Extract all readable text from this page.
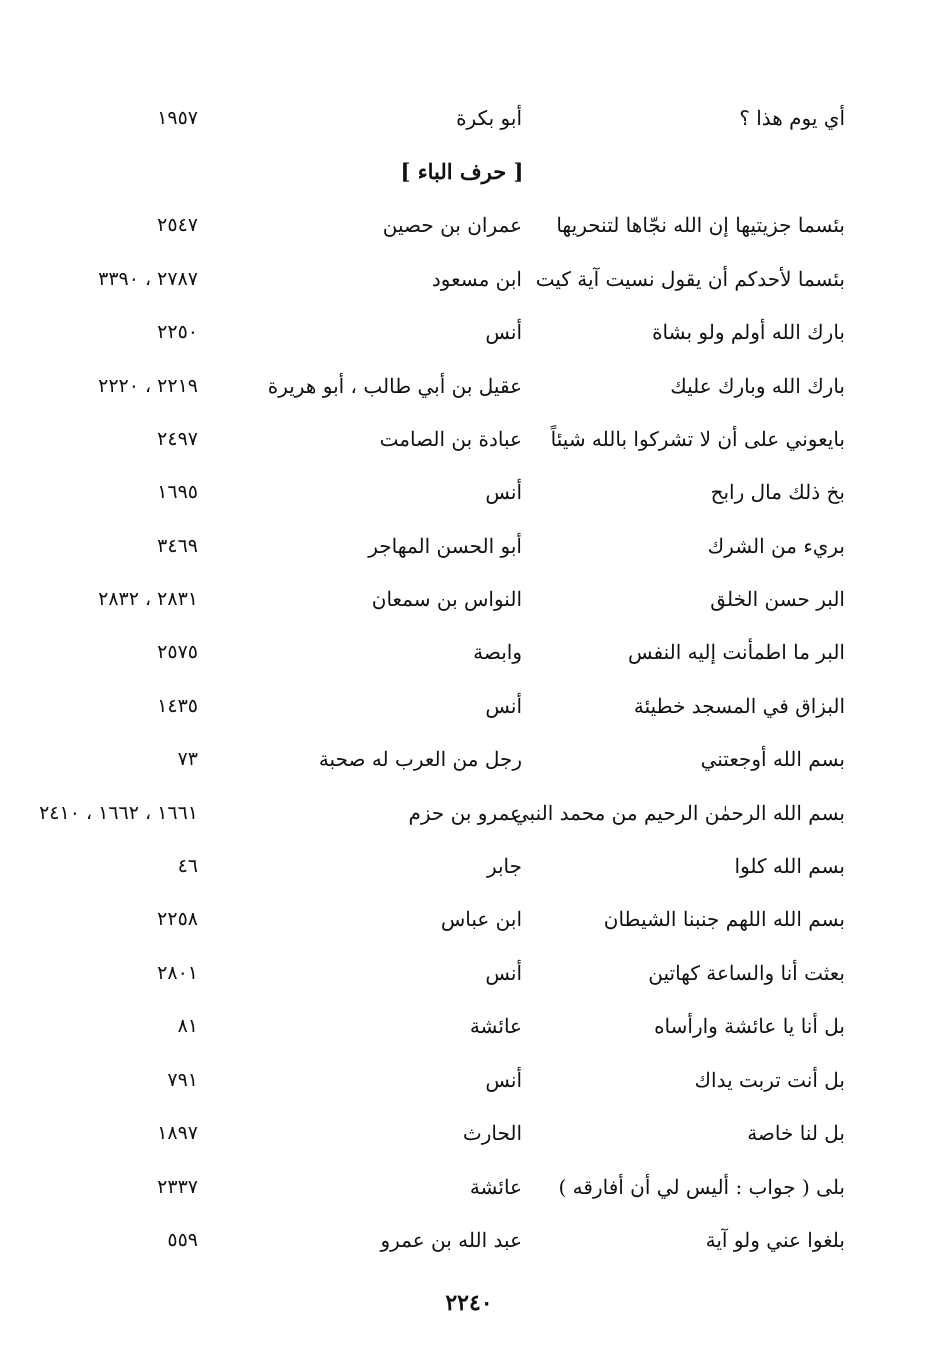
أي يوم هذا ؟
أبو بكرة
١٩٥٧
[ حرف الباء ]
بئسما جزيتيها إن الله نجّاها لتنحريها
عمران بن حصين
٢٥٤٧
بئسما لأحدكم أن يقول نسيت آية كيت
ابن مسعود
٢٧٨٧ ، ٣٣٩٠
بارك الله أولم ولو بشاة
أنس
٢٢٥٠
بارك الله وبارك عليك
عقيل بن أبي طالب ، أبو هريرة
٢٢١٩ ، ٢٢٢٠
بايعوني على أن لا تشركوا بالله شيئاً
عبادة بن الصامت
٢٤٩٧
بخ ذلك مال رابح
أنس
١٦٩٥
بريء من الشرك
أبو الحسن المهاجر
٣٤٦٩
البر حسن الخلق
النواس بن سمعان
٢٨٣١ ، ٢٨٣٢
البر ما اطمأنت إليه النفس
وابصة
٢٥٧٥
البزاق في المسجد خطيئة
أنس
١٤٣٥
بسم الله أوجعتني
رجل من العرب له صحبة
٧٣
بسم الله الرحمٰن الرحيم من محمد النبي
عمرو بن حزم
١٦٦١ ، ١٦٦٢ ، ٢٤١٠
بسم الله كلوا
جابر
٤٦
بسم الله اللهم جنبنا الشيطان
ابن عباس
٢٢٥٨
بعثت أنا والساعة كهاتين
أنس
٢٨٠١
بل أنا يا عائشة وارأساه
عائشة
٨١
بل أنت تربت يداك
أنس
٧٩١
بل لنا خاصة
الحارث
١٨٩٧
بلى ( جواب : أليس لي أن أفارقه )
عائشة
٢٣٣٧
بلغوا عني ولو آية
عبد الله بن عمرو
٥٥٩
٢٢٤٠
